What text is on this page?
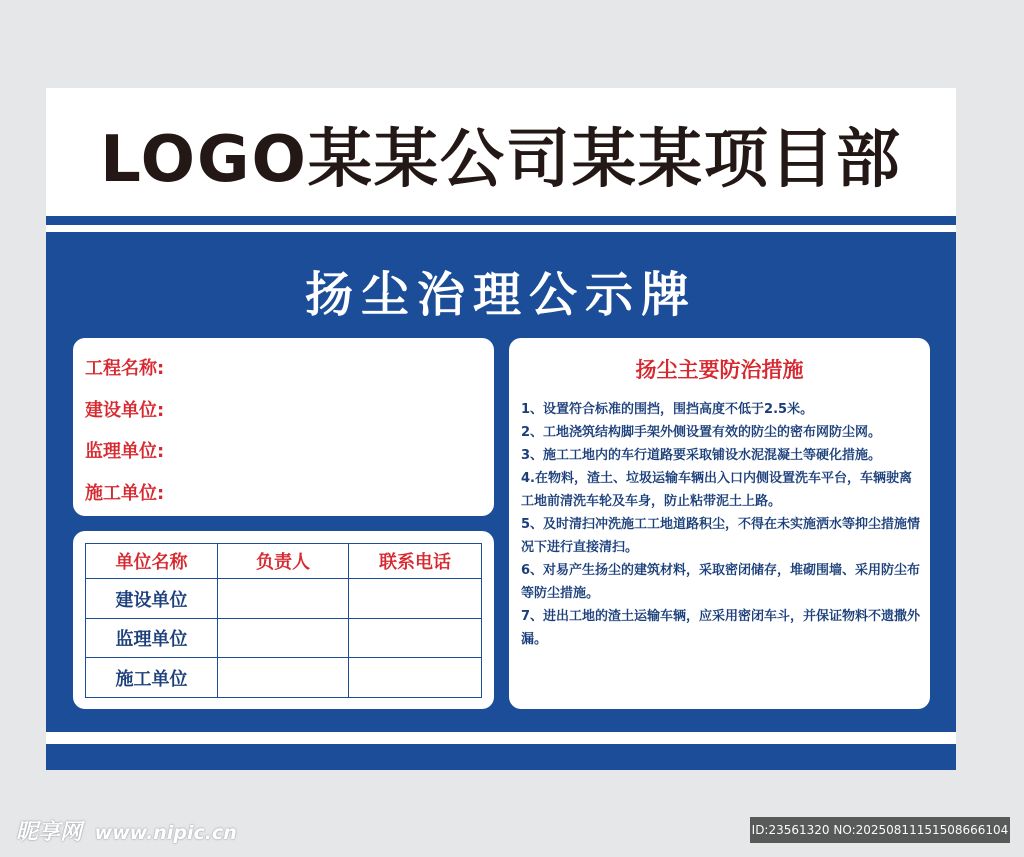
LOGO某某公司某某项目部
扬尘治理公示牌
工程名称:
建设单位:
监理单位:
施工单位:
单位名称	负责人	联系电话
建设单位		
监理单位		
施工单位		
扬尘主要防治措施

1、设置符合标准的围挡，围挡高度不低于2.5米。

2、工地浇筑结构脚手架外侧设置有效的防尘的密布网防尘网。

3、施工工地内的车行道路要采取铺设水泥混凝土等硬化措施。

4.在物料，渣土、垃圾运输车辆出入口内侧设置洗车平台，车辆驶离工地前清洗车轮及车身，防止粘带泥土上路。

5、及时清扫冲洗施工工地道路积尘，不得在未实施洒水等抑尘措施情况下进行直接清扫。

6、对易产生扬尘的建筑材料，采取密闭储存，堆砌围墙、采用防尘布等防尘措施。

7、进出工地的渣土运输车辆，应采用密闭车斗，并保证物料不遗撒外漏。

昵享网 www.nipic.cn	ID:23561320 NO:20250811151508666104
